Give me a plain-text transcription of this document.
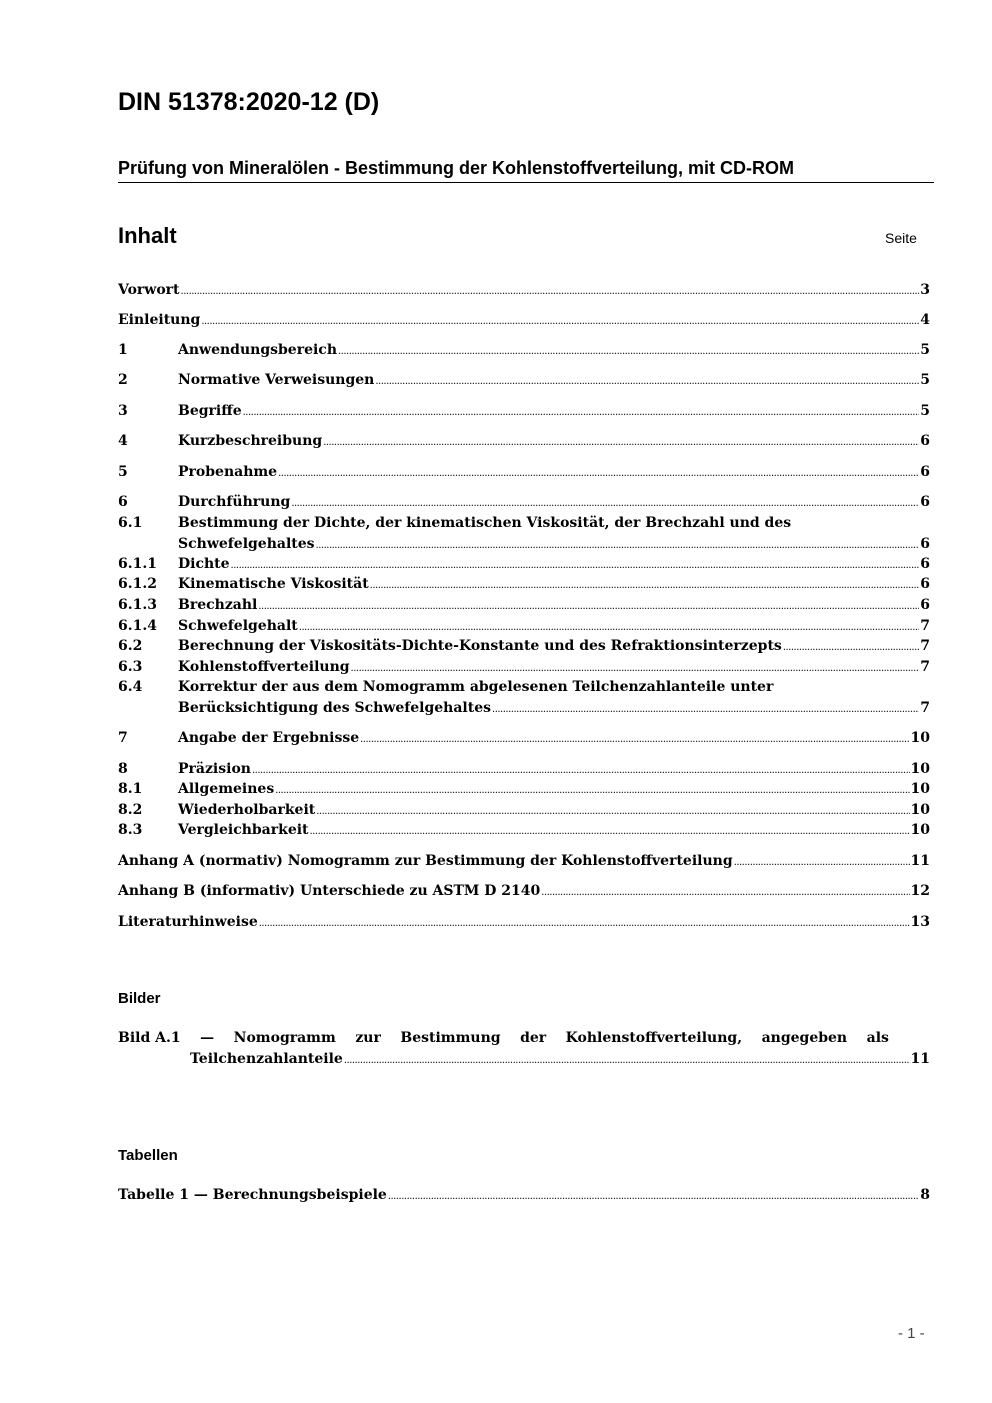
DIN 51378:2020-12 (D)
Prüfung von Mineralölen - Bestimmung der Kohlenstoffverteilung, mit CD-ROM
Inhalt	Seite
Vorwort .....	3
Einleitung .....	4
1	Anwendungsbereich .....	5
2	Normative Verweisungen .....	5
3	Begriffe .....	5
4	Kurzbeschreibung .....	6
5	Probenahme .....	6
6	Durchführung .....	6
6.1	Bestimmung der Dichte, der kinematischen Viskosität, der Brechzahl und des
Schwefelgehaltes .....	6
6.1.1	Dichte .....	6
6.1.2	Kinematische Viskosität .....	6
6.1.3	Brechzahl .....	6
6.1.4	Schwefelgehalt .....	7
6.2	Berechnung der Viskositäts-Dichte-Konstante und des Refraktionsinterzepts .....	7
6.3	Kohlenstoffverteilung .....	7
6.4	Korrektur der aus dem Nomogramm abgelesenen Teilchenzahlanteile unter
Berücksichtigung des Schwefelgehaltes .....	7
7	Angabe der Ergebnisse .....	10
8	Präzision .....	10
8.1	Allgemeines .....	10
8.2	Wiederholbarkeit .....	10
8.3	Vergleichbarkeit .....	10
Anhang A (normativ) Nomogramm zur Bestimmung der Kohlenstoffverteilung .....	11
Anhang B (informativ) Unterschiede zu ASTM D 2140 .....	12
Literaturhinweise .....	13
Bilder
Bild A.1 — Nomogramm zur Bestimmung der Kohlenstoffverteilung, angegeben als
Teilchenzahlanteile .....	11
Tabellen
Tabelle 1 — Berechnungsbeispiele .....	8
- 1 -
